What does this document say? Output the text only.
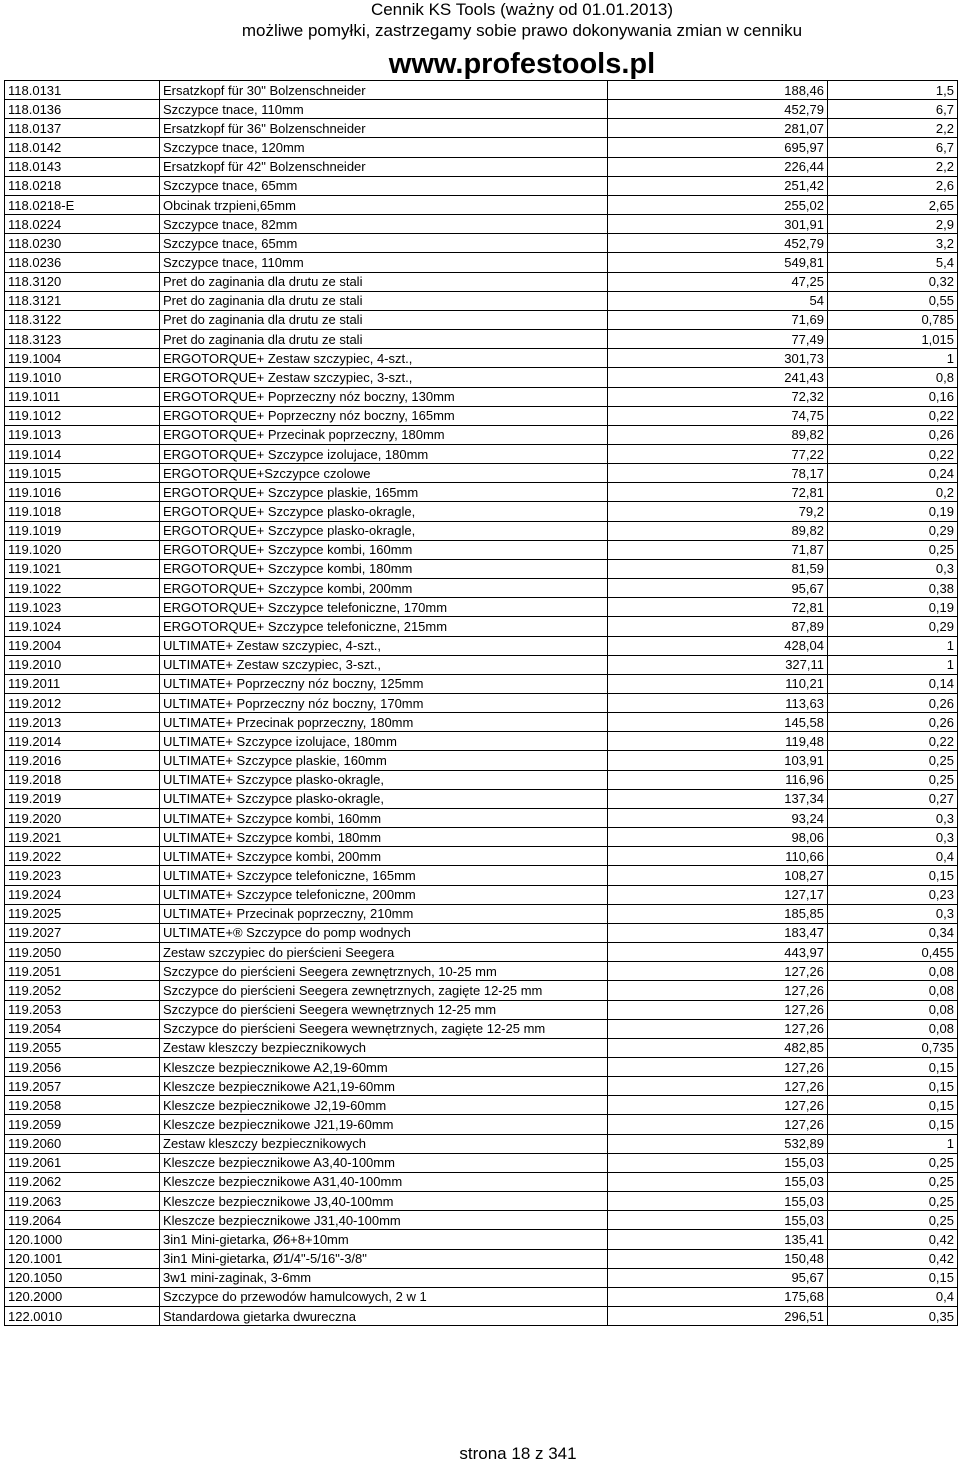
Cennik KS Tools (ważny od 01.01.2013)
możliwe pomyłki, zastrzegamy sobie prawo dokonywania zmian w cenniku
www.profestools.pl
118.0131	Ersatzkopf für 30" Bolzenschneider	188,46	1,5
118.0136	Szczypce tnace, 110mm	452,79	6,7
118.0137	Ersatzkopf für 36" Bolzenschneider	281,07	2,2
118.0142	Szczypce tnace, 120mm	695,97	6,7
118.0143	Ersatzkopf für 42" Bolzenschneider	226,44	2,2
118.0218	Szczypce tnace, 65mm	251,42	2,6
118.0218-E	Obcinak trzpieni,65mm	255,02	2,65
118.0224	Szczypce tnace, 82mm	301,91	2,9
118.0230	Szczypce tnace, 65mm	452,79	3,2
118.0236	Szczypce tnace, 110mm	549,81	5,4
118.3120	Pret do zaginania dla drutu ze stali	47,25	0,32
118.3121	Pret do zaginania dla drutu ze stali	54	0,55
118.3122	Pret do zaginania dla drutu ze stali	71,69	0,785
118.3123	Pret do zaginania dla drutu ze stali	77,49	1,015
119.1004	ERGOTORQUE+ Zestaw szczypiec, 4-szt.,	301,73	1
119.1010	ERGOTORQUE+ Zestaw szczypiec, 3-szt.,	241,43	0,8
119.1011	ERGOTORQUE+ Poprzeczny nóz boczny, 130mm	72,32	0,16
119.1012	ERGOTORQUE+ Poprzeczny nóz boczny, 165mm	74,75	0,22
119.1013	ERGOTORQUE+ Przecinak poprzeczny, 180mm	89,82	0,26
119.1014	ERGOTORQUE+ Szczypce izolujace, 180mm	77,22	0,22
119.1015	ERGOTORQUE+Szczypce czolowe	78,17	0,24
119.1016	ERGOTORQUE+ Szczypce plaskie, 165mm	72,81	0,2
119.1018	ERGOTORQUE+ Szczypce plasko-okragle,	79,2	0,19
119.1019	ERGOTORQUE+ Szczypce plasko-okragle,	89,82	0,29
119.1020	ERGOTORQUE+ Szczypce kombi, 160mm	71,87	0,25
119.1021	ERGOTORQUE+ Szczypce kombi, 180mm	81,59	0,3
119.1022	ERGOTORQUE+ Szczypce kombi, 200mm	95,67	0,38
119.1023	ERGOTORQUE+ Szczypce telefoniczne, 170mm	72,81	0,19
119.1024	ERGOTORQUE+ Szczypce telefoniczne, 215mm	87,89	0,29
119.2004	ULTIMATE+ Zestaw szczypiec, 4-szt.,	428,04	1
119.2010	ULTIMATE+ Zestaw szczypiec, 3-szt.,	327,11	1
119.2011	ULTIMATE+ Poprzeczny nóz boczny, 125mm	110,21	0,14
119.2012	ULTIMATE+ Poprzeczny nóz boczny, 170mm	113,63	0,26
119.2013	ULTIMATE+ Przecinak poprzeczny, 180mm	145,58	0,26
119.2014	ULTIMATE+ Szczypce izolujace, 180mm	119,48	0,22
119.2016	ULTIMATE+ Szczypce plaskie, 160mm	103,91	0,25
119.2018	ULTIMATE+ Szczypce plasko-okragle,	116,96	0,25
119.2019	ULTIMATE+ Szczypce plasko-okragle,	137,34	0,27
119.2020	ULTIMATE+ Szczypce kombi, 160mm	93,24	0,3
119.2021	ULTIMATE+ Szczypce kombi, 180mm	98,06	0,3
119.2022	ULTIMATE+ Szczypce kombi, 200mm	110,66	0,4
119.2023	ULTIMATE+ Szczypce telefoniczne, 165mm	108,27	0,15
119.2024	ULTIMATE+ Szczypce telefoniczne, 200mm	127,17	0,23
119.2025	ULTIMATE+ Przecinak poprzeczny, 210mm	185,85	0,3
119.2027	ULTIMATE+® Szczypce do pomp wodnych	183,47	0,34
119.2050	Zestaw szczypiec do pierścieni Seegera	443,97	0,455
119.2051	Szczypce do pierścieni Seegera zewnętrznych, 10-25 mm	127,26	0,08
119.2052	Szczypce do pierścieni Seegera zewnętrznych, zagięte 12-25 mm	127,26	0,08
119.2053	Szczypce do pierścieni Seegera wewnętrznych 12-25 mm	127,26	0,08
119.2054	Szczypce do pierścieni Seegera wewnętrznych, zagięte 12-25 mm	127,26	0,08
119.2055	Zestaw kleszczy bezpiecznikowych	482,85	0,735
119.2056	Kleszcze bezpiecznikowe A2,19-60mm	127,26	0,15
119.2057	Kleszcze bezpiecznikowe A21,19-60mm	127,26	0,15
119.2058	Kleszcze bezpiecznikowe J2,19-60mm	127,26	0,15
119.2059	Kleszcze bezpiecznikowe J21,19-60mm	127,26	0,15
119.2060	Zestaw kleszczy bezpiecznikowych	532,89	1
119.2061	Kleszcze bezpiecznikowe A3,40-100mm	155,03	0,25
119.2062	Kleszcze bezpiecznikowe A31,40-100mm	155,03	0,25
119.2063	Kleszcze bezpiecznikowe J3,40-100mm	155,03	0,25
119.2064	Kleszcze bezpiecznikowe J31,40-100mm	155,03	0,25
120.1000	3in1 Mini-gietarka, Ø6+8+10mm	135,41	0,42
120.1001	3in1 Mini-gietarka, Ø1/4"-5/16"-3/8"	150,48	0,42
120.1050	3w1 mini-zaginak, 3-6mm	95,67	0,15
120.2000	Szczypce do przewodów hamulcowych, 2 w 1	175,68	0,4
122.0010	Standardowa gietarka dwureczna	296,51	0,35
strona 18 z 341
